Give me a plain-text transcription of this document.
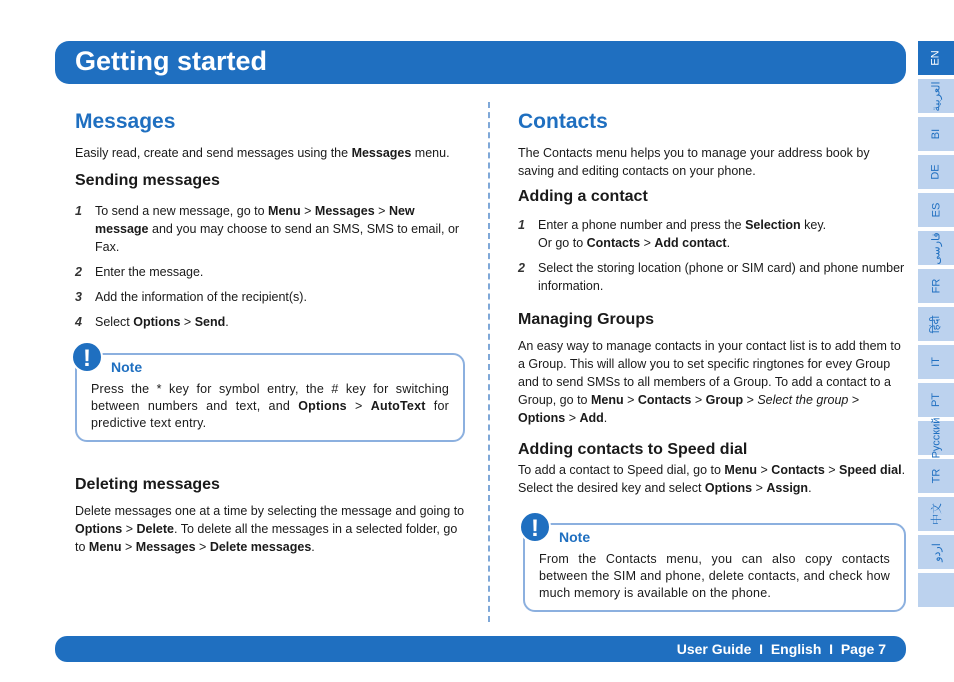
Getting started	EN
العربية
BI
DE
ES
فارسی
FR
हिंदी
IT
PT
Pусский
TR
中文
اردو
Messages

Easily read, create and send messages using the Messages menu.

Sending messages
1	To send a new message, go to Menu > Messages > New message and you may choose to send an SMS, SMS to email, or Fax.
2	Enter the message.
3	Add the information of the recipient(s).
4	Select Options > Send.
!	Note
Press the * key for symbol entry, the # key for switching between numbers and text, and Options > AutoText for predictive text entry.
Deleting messages

Delete messages one at a time by selecting the message and going to Options > Delete. To delete all the messages in a selected folder, go to Menu > Messages > Delete messages.

Contacts

The Contacts menu helps you to manage your address book by saving and editing contacts on your phone.

Adding a contact
1	Enter a phone number and press the Selection key.
Or go to Contacts > Add contact.
2	Select the storing location (phone or SIM card) and phone number information.
Managing Groups

An easy way to manage contacts in your contact list is to add them to a Group. This will allow you to set specific ringtones for evey Group and to send SMSs to all members of a Group. To add a contact to a Group, go to Menu > Contacts > Group > Select the group > Options > Add.

Adding contacts to Speed dial

To add a contact to Speed dial, go to Menu > Contacts > Speed dial. Select the desired key and select Options > Assign.

!	Note
From the Contacts menu, you can also copy contacts between the SIM and phone, delete contacts, and check how much memory is available on the phone.
User Guide  I  English  I  Page 7
